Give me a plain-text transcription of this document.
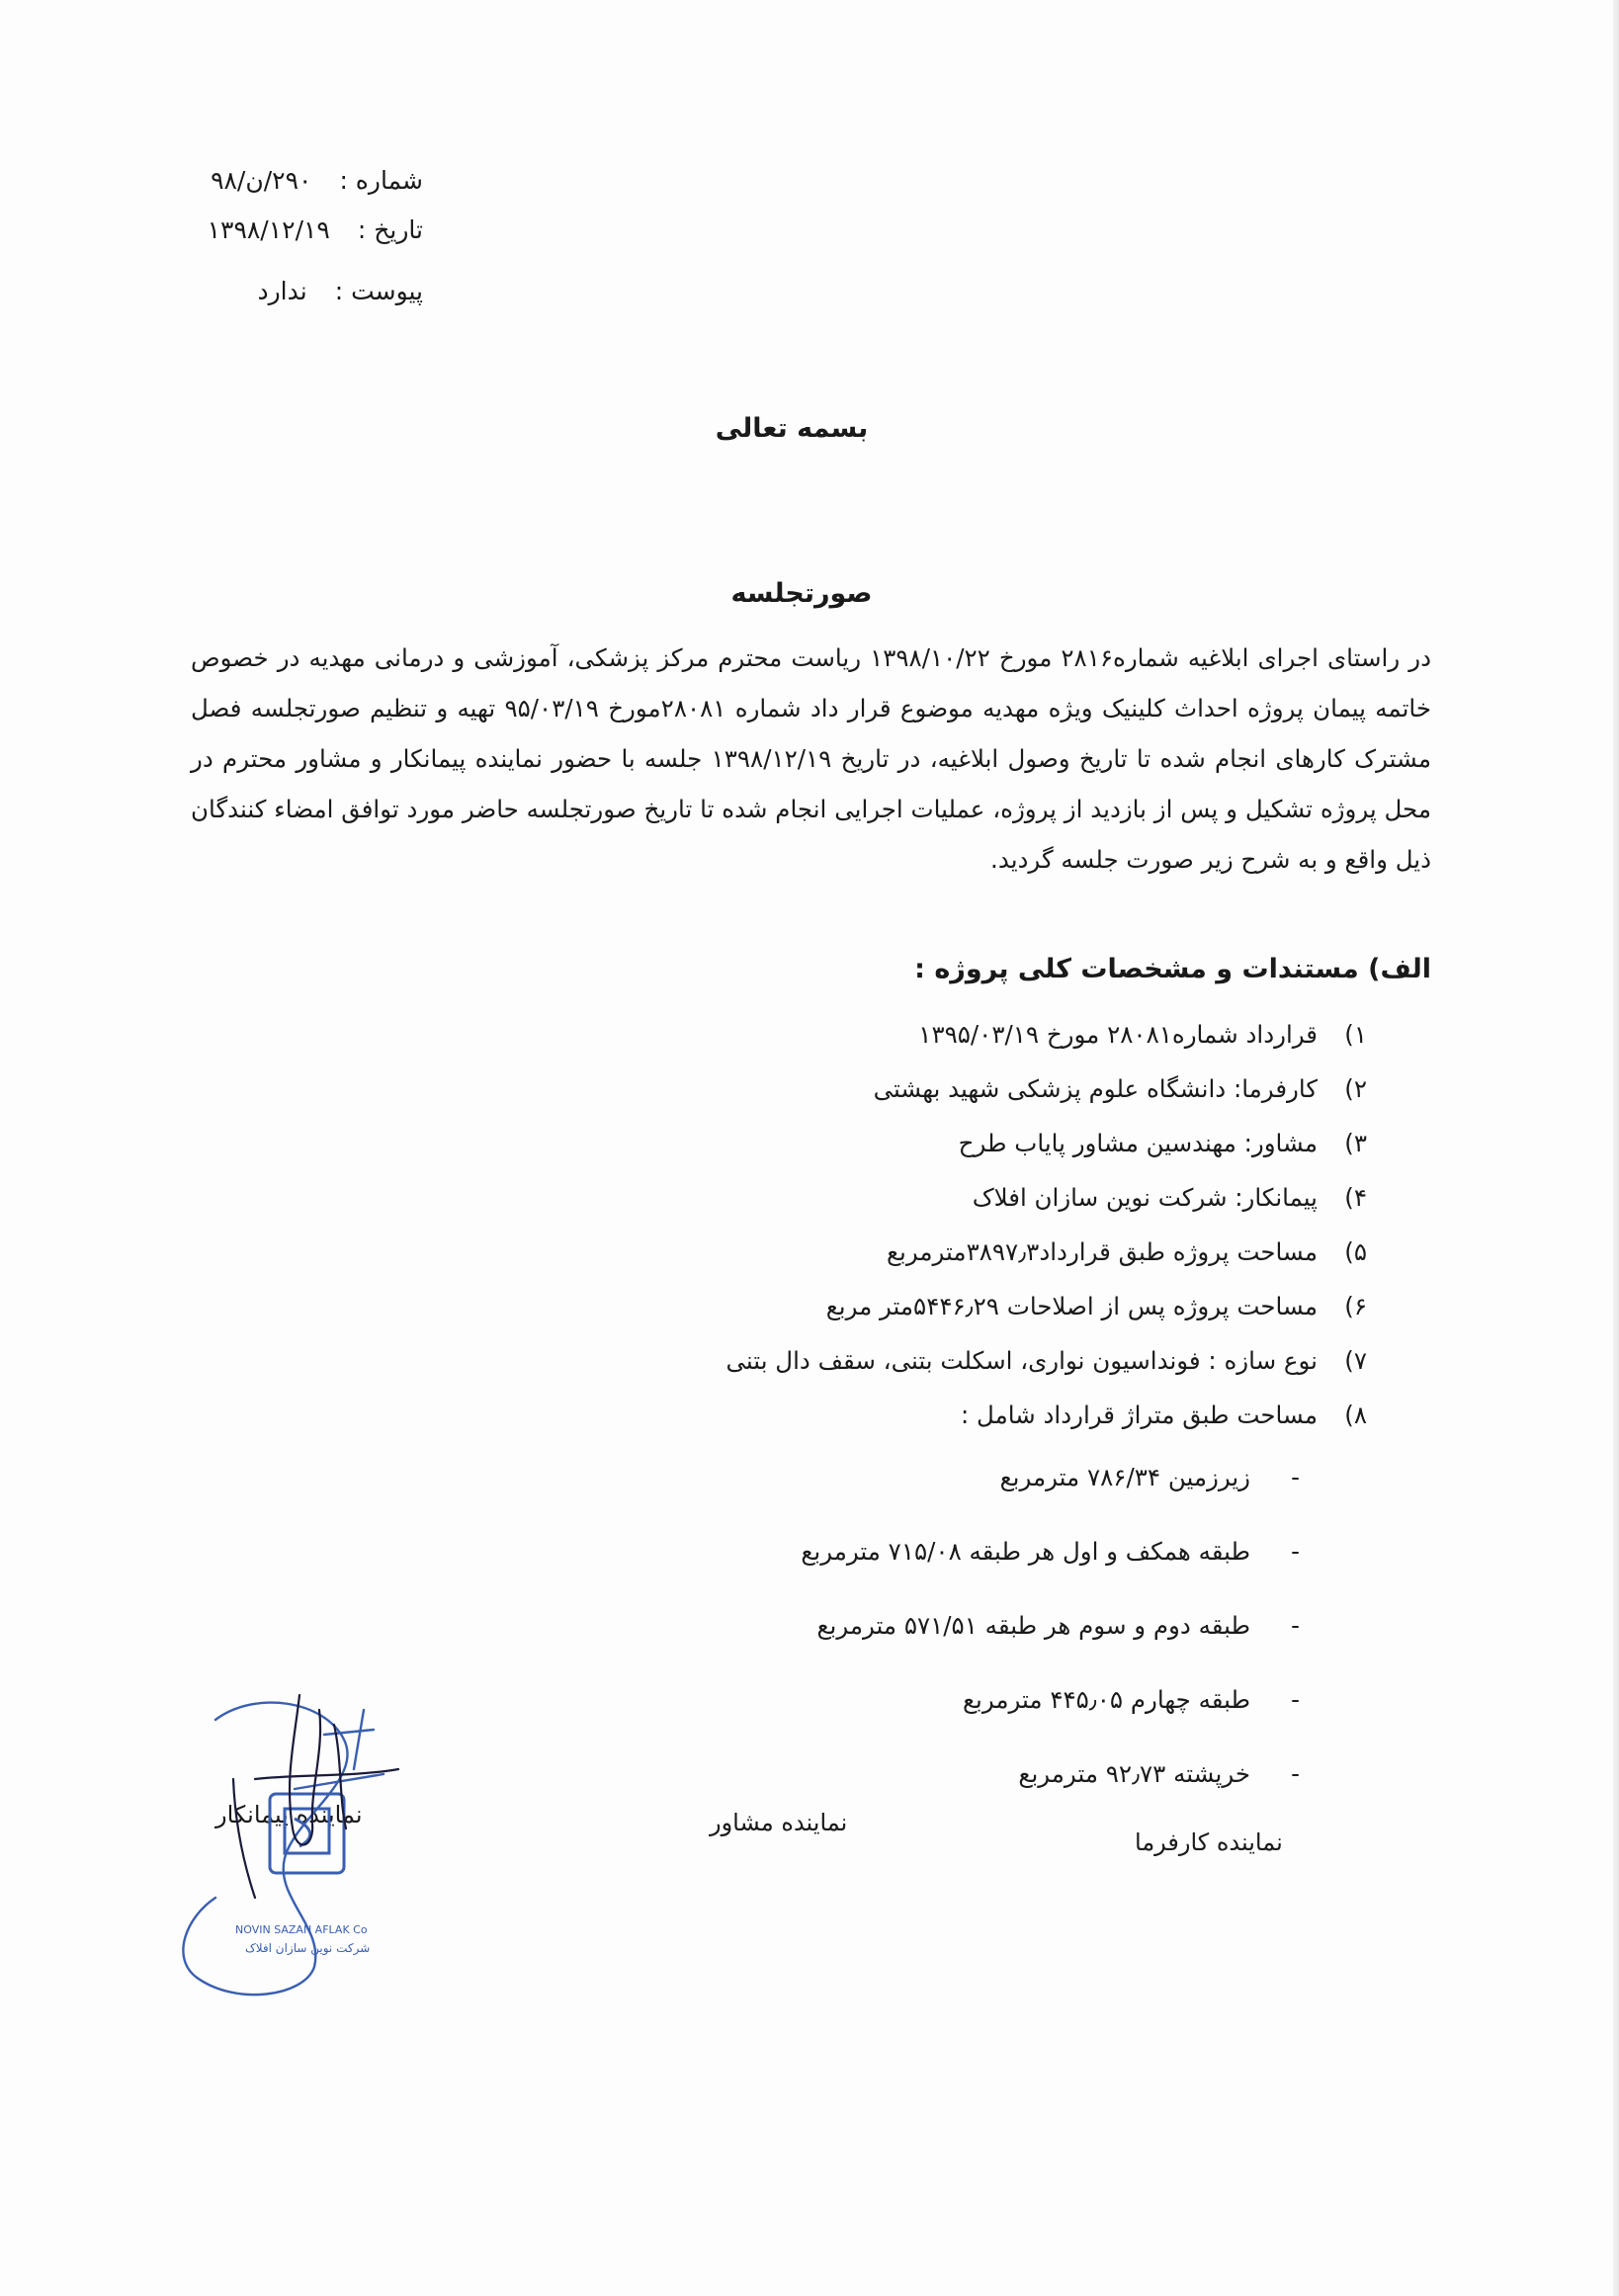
شماره :۲۹۰/ن/۹۸
تاریخ :۱۳۹۸/۱۲/۱۹
پیوست :ندارد
بسمه تعالی
صورتجلسه
در راستای اجرای ابلاغیه شماره۲۸۱۶ مورخ ۱۳۹۸/۱۰/۲۲ ریاست محترم مرکز پزشکی، آموزشی و درمانی مهدیه در خصوص خاتمه پیمان پروژه احداث کلینیک ویژه مهدیه موضوع قرار داد شماره ۲۸۰۸۱مورخ ۹۵/۰۳/۱۹ تهیه و تنظیم صورتجلسه فصل مشترک کارهای انجام شده تا تاریخ وصول ابلاغیه، در تاریخ ۱۳۹۸/۱۲/۱۹ جلسه با حضور نماینده پیمانکار و مشاور محترم در محل پروژه تشکیل و پس از بازدید از پروژه، عملیات اجرایی انجام شده تا تاریخ صورتجلسه حاضر مورد توافق امضاء کنندگان ذیل واقع و به شرح زیر صورت جلسه گردید.
الف) مستندات و مشخصات کلی پروژه :
۱)قرارداد شماره۲۸۰۸۱ مورخ ۱۳۹۵/۰۳/۱۹
۲)کارفرما: دانشگاه علوم پزشکی شهید بهشتی
۳)مشاور: مهندسین مشاور پایاب طرح
۴)پیمانکار: شرکت نوین سازان افلاک
۵)مساحت پروژه طبق قرارداد۳۸۹۷٫۳مترمربع
۶)مساحت پروژه پس از اصلاحات ۵۴۴۶٫۲۹متر مربع
۷)نوع سازه : فونداسیون نواری، اسکلت بتنی، سقف دال بتنی
۸)مساحت طبق متراژ قرارداد شامل :
-زیرزمین ۷۸۶/۳۴ مترمربع
-طبقه همکف و اول هر طبقه ۷۱۵/۰۸ مترمربع
-طبقه دوم و سوم هر طبقه ۵۷۱/۵۱ مترمربع
-طبقه چهارم ۴۴۵٫۰۵ مترمربع
-خرپشته ۹۲٫۷۳ مترمربع
نماینده کارفرما
نماینده مشاور
نماینده پیمانکار
NOVIN SAZAN AFLAK Co
شرکت نوین سازان افلاک
